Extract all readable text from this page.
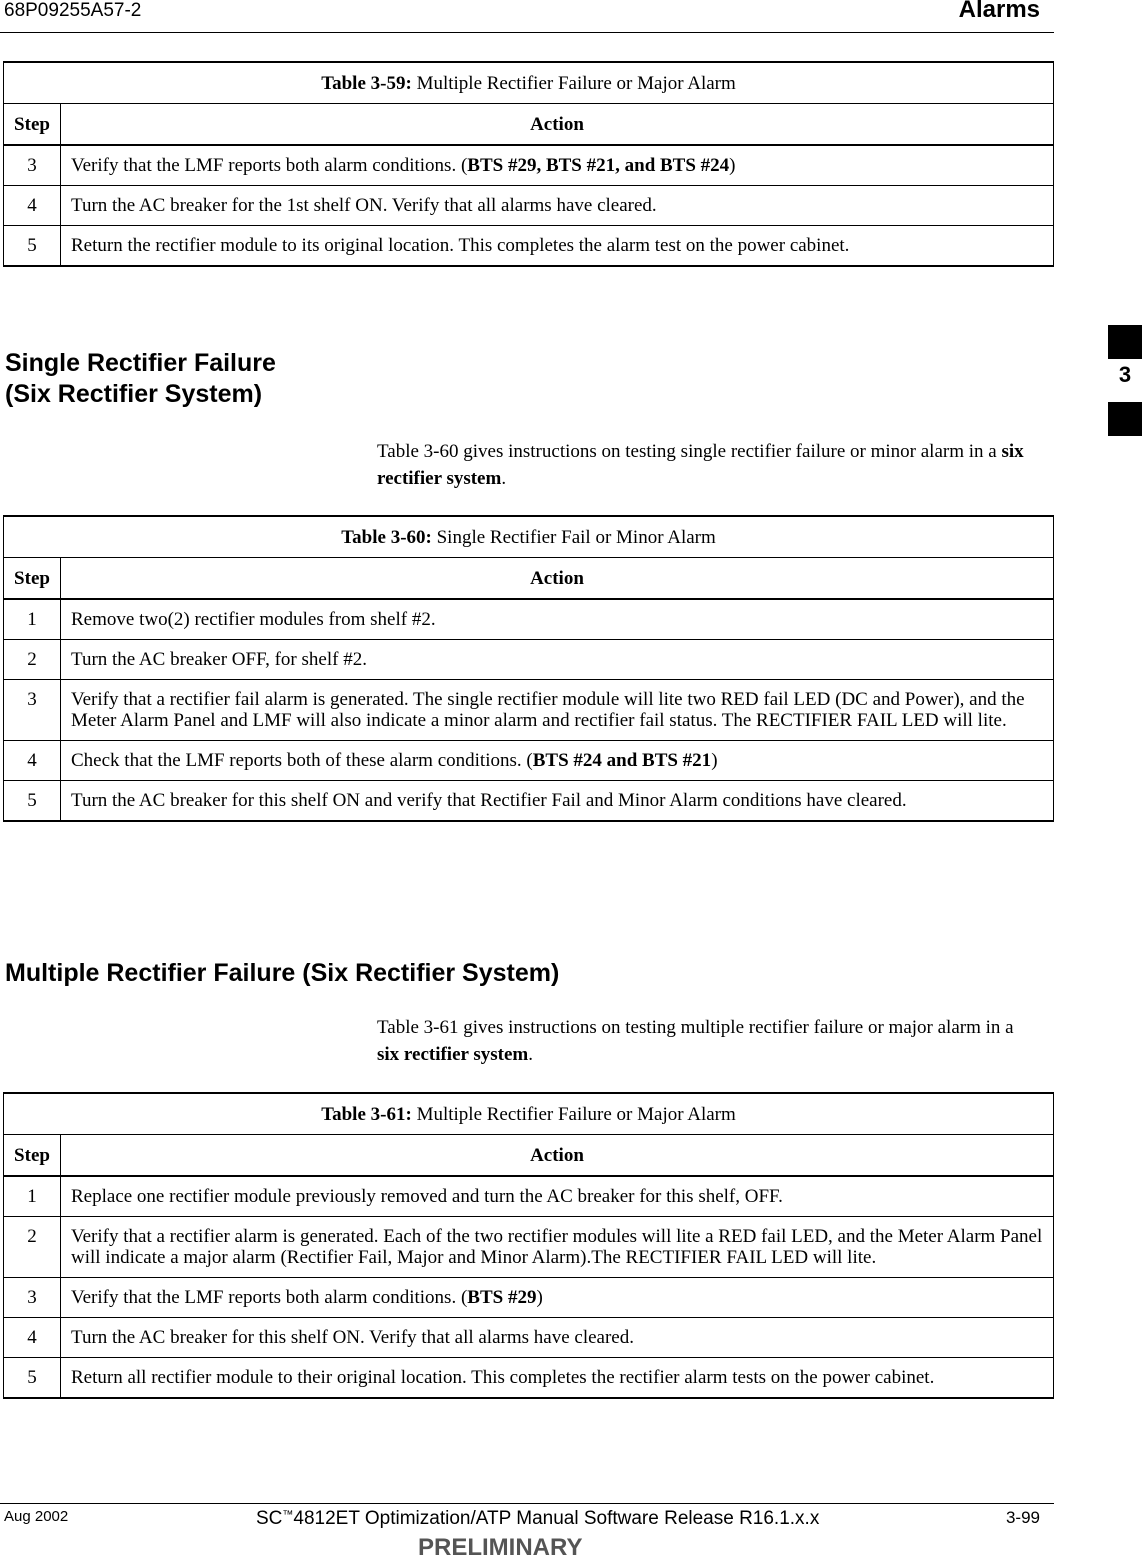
68P09255A57-2	Alarms
3
Table 3-59: Multiple Rectifier Failure or Major Alarm	
Step	Action
3	Verify that the LMF reports both alarm conditions. (BTS #29, BTS #21, and BTS #24)
4	Turn the AC breaker for the 1st shelf ON. Verify that all alarms have cleared.
5	Return the rectifier module to its original location. This completes the alarm test on the power cabinet.
Single Rectifier Failure
(Six Rectifier System)
Table 3-60 gives instructions on testing single rectifier failure or minor alarm in a six rectifier system.
Table 3-60: Single Rectifier Fail or Minor Alarm	
Step	Action
1	Remove two(2) rectifier modules from shelf #2.
2	Turn the AC breaker OFF, for shelf #2.
3	Verify that a rectifier fail alarm is generated. The single rectifier module will lite two RED fail LED (DC and Power), and the Meter Alarm Panel and LMF will also indicate a minor alarm and rectifier fail status. The RECTIFIER FAIL LED will lite.
4	Check that the LMF reports both of these alarm conditions. (BTS #24 and BTS #21)
5	Turn the AC breaker for this shelf ON and verify that Rectifier Fail and Minor Alarm conditions have cleared.
Multiple Rectifier Failure (Six Rectifier System)
Table 3-61 gives instructions on testing multiple rectifier failure or major alarm in a six rectifier system.
Table 3-61: Multiple Rectifier Failure or Major Alarm	
Step	Action
1	Replace one rectifier module previously removed and turn the AC breaker for this shelf, OFF.
2	Verify that a rectifier alarm is generated. Each of the two rectifier modules will lite a RED fail LED, and the Meter Alarm Panel will indicate a major alarm (Rectifier Fail, Major and Minor Alarm).The RECTIFIER FAIL LED will lite.
3	Verify that the LMF reports both alarm conditions. (BTS #29)
4	Turn the AC breaker for this shelf ON. Verify that all alarms have cleared.
5	Return all rectifier module to their original location. This completes the rectifier alarm tests on the power cabinet.
Aug 2002	SC™4812ET Optimization/ATP Manual Software Release R16.1.x.x	3-99
PRELIMINARY
